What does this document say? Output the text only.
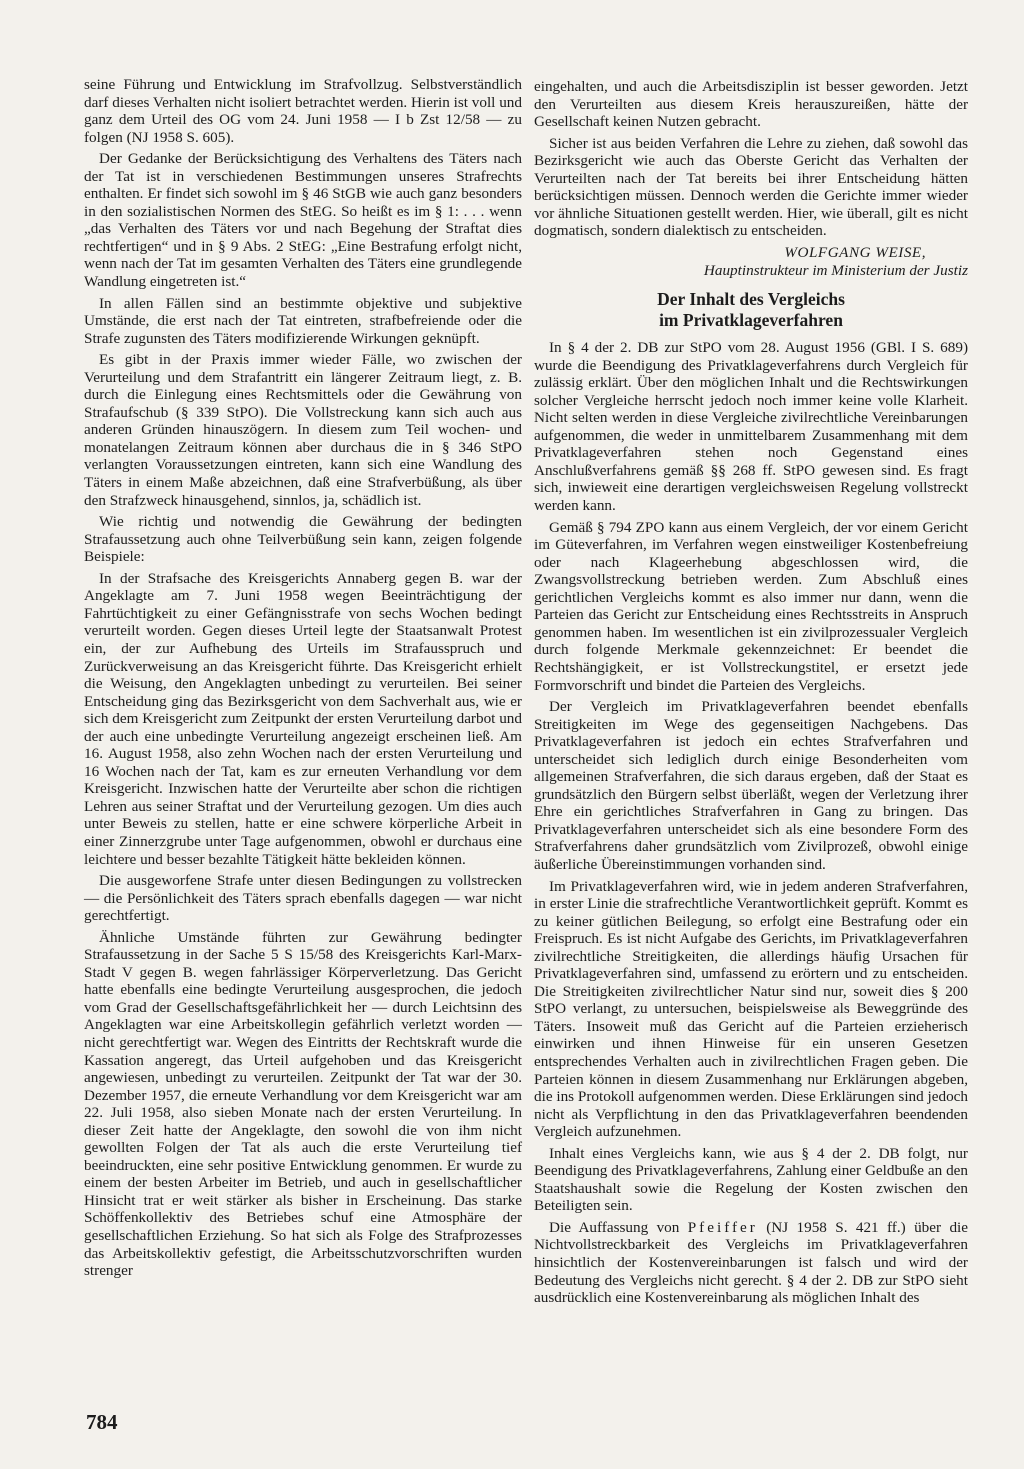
seine Führung und Entwicklung im Strafvollzug. Selbstverständlich darf dieses Verhalten nicht isoliert betrachtet werden. Hierin ist voll und ganz dem Urteil des OG vom 24. Juni 1958 — I b Zst 12/58 — zu folgen (NJ 1958 S. 605).

Der Gedanke der Berücksichtigung des Verhaltens des Täters nach der Tat ist in verschiedenen Bestimmungen unseres Strafrechts enthalten. Er findet sich sowohl im § 46 StGB wie auch ganz besonders in den sozialistischen Normen des StEG. So heißt es im § 1: . . . wenn „das Verhalten des Täters vor und nach Begehung der Straftat dies rechtfertigen“ und in § 9 Abs. 2 StEG: „Eine Bestrafung erfolgt nicht, wenn nach der Tat im gesamten Verhalten des Täters eine grundlegende Wandlung eingetreten ist.“

In allen Fällen sind an bestimmte objektive und subjektive Umstände, die erst nach der Tat eintreten, strafbefreiende oder die Strafe zugunsten des Täters modifizierende Wirkungen geknüpft.

Es gibt in der Praxis immer wieder Fälle, wo zwischen der Verurteilung und dem Strafantritt ein längerer Zeitraum liegt, z. B. durch die Einlegung eines Rechtsmittels oder die Gewährung von Strafaufschub (§ 339 StPO). Die Vollstreckung kann sich auch aus anderen Gründen hinauszögern. In diesem zum Teil wochen- und monatelangen Zeitraum können aber durchaus die in § 346 StPO verlangten Voraussetzungen eintreten, kann sich eine Wandlung des Täters in einem Maße abzeichnen, daß eine Strafverbüßung, als über den Strafzweck hinausgehend, sinnlos, ja, schädlich ist.

Wie richtig und notwendig die Gewährung der bedingten Strafaussetzung auch ohne Teilverbüßung sein kann, zeigen folgende Beispiele:

In der Strafsache des Kreisgerichts Annaberg gegen B. war der Angeklagte am 7. Juni 1958 wegen Beeinträchtigung der Fahrtüchtigkeit zu einer Gefängnisstrafe von sechs Wochen bedingt verurteilt worden. Gegen dieses Urteil legte der Staatsanwalt Protest ein, der zur Aufhebung des Urteils im Strafausspruch und Zurückverweisung an das Kreisgericht führte. Das Kreisgericht erhielt die Weisung, den Angeklagten unbedingt zu verurteilen. Bei seiner Entscheidung ging das Bezirksgericht von dem Sachverhalt aus, wie er sich dem Kreisgericht zum Zeitpunkt der ersten Verurteilung darbot und der auch eine unbedingte Verurteilung angezeigt erscheinen ließ. Am 16. August 1958, also zehn Wochen nach der ersten Verurteilung und 16 Wochen nach der Tat, kam es zur erneuten Verhandlung vor dem Kreisgericht. Inzwischen hatte der Verurteilte aber schon die richtigen Lehren aus seiner Straftat und der Verurteilung gezogen. Um dies auch unter Beweis zu stellen, hatte er eine schwere körperliche Arbeit in einer Zinnerzgrube unter Tage aufgenommen, obwohl er durchaus eine leichtere und besser bezahlte Tätigkeit hätte bekleiden können.

Die ausgeworfene Strafe unter diesen Bedingungen zu vollstrecken — die Persönlichkeit des Täters sprach ebenfalls dagegen — war nicht gerechtfertigt.

Ähnliche Umstände führten zur Gewährung bedingter Strafaussetzung in der Sache 5 S 15/58 des Kreisgerichts Karl-Marx-Stadt V gegen B. wegen fahrlässiger Körperverletzung. Das Gericht hatte ebenfalls eine bedingte Verurteilung ausgesprochen, die jedoch vom Grad der Gesellschaftsgefährlichkeit her — durch Leichtsinn des Angeklagten war eine Arbeitskollegin gefährlich verletzt worden — nicht gerechtfertigt war. Wegen des Eintritts der Rechtskraft wurde die Kassation angeregt, das Urteil aufgehoben und das Kreisgericht angewiesen, unbedingt zu verurteilen. Zeitpunkt der Tat war der 30. Dezember 1957, die erneute Verhandlung vor dem Kreisgericht war am 22. Juli 1958, also sieben Monate nach der ersten Verurteilung. In dieser Zeit hatte der Angeklagte, den sowohl die von ihm nicht gewollten Folgen der Tat als auch die erste Verurteilung tief beeindruckten, eine sehr positive Entwicklung genommen. Er wurde zu einem der besten Arbeiter im Betrieb, und auch in gesellschaftlicher Hinsicht trat er weit stärker als bisher in Erscheinung. Das starke Schöffenkollektiv des Betriebes schuf eine Atmosphäre der gesellschaftlichen Erziehung. So hat sich als Folge des Strafprozesses das Arbeitskollektiv gefestigt, die Arbeitsschutzvorschriften wurden strenger

eingehalten, und auch die Arbeitsdisziplin ist besser geworden. Jetzt den Verurteilten aus diesem Kreis herauszureißen, hätte der Gesellschaft keinen Nutzen gebracht.

Sicher ist aus beiden Verfahren die Lehre zu ziehen, daß sowohl das Bezirksgericht wie auch das Oberste Gericht das Verhalten der Verurteilten nach der Tat bereits bei ihrer Entscheidung hätten berücksichtigen müssen. Dennoch werden die Gerichte immer wieder vor ähnliche Situationen gestellt werden. Hier, wie überall, gilt es nicht dogmatisch, sondern dialektisch zu entscheiden.

WOLFGANG WEISE,

Hauptinstrukteur im Ministerium der Justiz

Der Inhalt des Vergleichs
im Privatklageverfahren

In § 4 der 2. DB zur StPO vom 28. August 1956 (GBl. I S. 689) wurde die Beendigung des Privatklageverfahrens durch Vergleich für zulässig erklärt. Über den möglichen Inhalt und die Rechtswirkungen solcher Vergleiche herrscht jedoch noch immer keine volle Klarheit. Nicht selten werden in diese Vergleiche zivilrechtliche Vereinbarungen aufgenommen, die weder in unmittelbarem Zusammenhang mit dem Privatklageverfahren stehen noch Gegenstand eines Anschlußverfahrens gemäß §§ 268 ff. StPO gewesen sind. Es fragt sich, inwieweit eine derartigen vergleichsweisen Regelung vollstreckt werden kann.

Gemäß § 794 ZPO kann aus einem Vergleich, der vor einem Gericht im Güteverfahren, im Verfahren wegen einstweiliger Kostenbefreiung oder nach Klageerhebung abgeschlossen wird, die Zwangsvollstreckung betrieben werden. Zum Abschluß eines gerichtlichen Vergleichs kommt es also immer nur dann, wenn die Parteien das Gericht zur Entscheidung eines Rechtsstreits in Anspruch genommen haben. Im wesentlichen ist ein zivilprozessualer Vergleich durch folgende Merkmale gekennzeichnet: Er beendet die Rechtshängigkeit, er ist Vollstreckungstitel, er ersetzt jede Formvorschrift und bindet die Parteien des Vergleichs.

Der Vergleich im Privatklageverfahren beendet ebenfalls Streitigkeiten im Wege des gegenseitigen Nachgebens. Das Privatklageverfahren ist jedoch ein echtes Strafverfahren und unterscheidet sich lediglich durch einige Besonderheiten vom allgemeinen Strafverfahren, die sich daraus ergeben, daß der Staat es grundsätzlich den Bürgern selbst überläßt, wegen der Verletzung ihrer Ehre ein gerichtliches Strafverfahren in Gang zu bringen. Das Privatklageverfahren unterscheidet sich als eine besondere Form des Strafverfahrens daher grundsätzlich vom Zivilprozeß, obwohl einige äußerliche Übereinstimmungen vorhanden sind.

Im Privatklageverfahren wird, wie in jedem anderen Strafverfahren, in erster Linie die strafrechtliche Verantwortlichkeit geprüft. Kommt es zu keiner gütlichen Beilegung, so erfolgt eine Bestrafung oder ein Freispruch. Es ist nicht Aufgabe des Gerichts, im Privatklageverfahren zivilrechtliche Streitigkeiten, die allerdings häufig Ursachen für Privatklageverfahren sind, umfassend zu erörtern und zu entscheiden. Die Streitigkeiten zivilrechtlicher Natur sind nur, soweit dies § 200 StPO verlangt, zu untersuchen, beispielsweise als Beweggründe des Täters. Insoweit muß das Gericht auf die Parteien erzieherisch einwirken und ihnen Hinweise für ein unseren Gesetzen entsprechendes Verhalten auch in zivilrechtlichen Fragen geben. Die Parteien können in diesem Zusammenhang nur Erklärungen abgeben, die ins Protokoll aufgenommen werden. Diese Erklärungen sind jedoch nicht als Verpflichtung in den das Privatklageverfahren beendenden Vergleich aufzunehmen.

Inhalt eines Vergleichs kann, wie aus § 4 der 2. DB folgt, nur Beendigung des Privatklageverfahrens, Zahlung einer Geldbuße an den Staatshaushalt sowie die Regelung der Kosten zwischen den Beteiligten sein.

Die Auffassung von Pfeiffer (NJ 1958 S. 421 ff.) über die Nichtvollstreckbarkeit des Vergleichs im Privatklageverfahren hinsichtlich der Kostenvereinbarungen ist falsch und wird der Bedeutung des Vergleichs nicht gerecht. § 4 der 2. DB zur StPO sieht ausdrücklich eine Kostenvereinbarung als möglichen Inhalt des

784
